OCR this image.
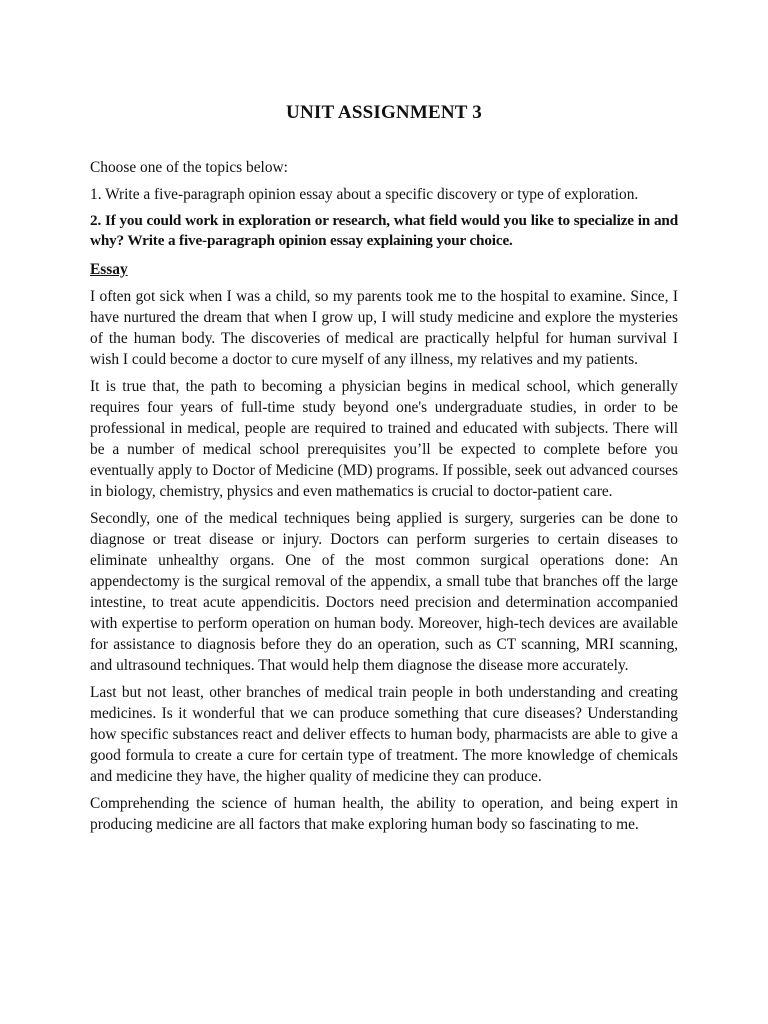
UNIT ASSIGNMENT 3

Choose one of the topics below:

1. Write a five-paragraph opinion essay about a specific discovery or type of exploration.

2. If you could work in exploration or research, what field would you like to specialize in and why? Write a five-paragraph opinion essay explaining your choice.

Essay

I often got sick when I was a child, so my parents took me to the hospital to examine. Since, I have nurtured the dream that when I grow up, I will study medicine and explore the mysteries of the human body. The discoveries of medical are practically helpful for human survival I wish I could become a doctor to cure myself of any illness, my relatives and my patients.

It is true that, the path to becoming a physician begins in medical school, which generally requires four years of full-time study beyond one's undergraduate studies, in order to be professional in medical, people are required to trained and educated with subjects. There will be a number of medical school prerequisites you’ll be expected to complete before you eventually apply to Doctor of Medicine (MD) programs. If possible, seek out advanced courses in biology, chemistry, physics and even mathematics is crucial to doctor-patient care.

Secondly, one of the medical techniques being applied is surgery, surgeries can be done to diagnose or treat disease or injury. Doctors can perform surgeries to certain diseases to eliminate unhealthy organs. One of the most common surgical operations done: An appendectomy is the surgical removal of the appendix, a small tube that branches off the large intestine, to treat acute appendicitis. Doctors need precision and determination accompanied with expertise to perform operation on human body. Moreover, high-tech devices are available for assistance to diagnosis before they do an operation, such as CT scanning, MRI scanning, and ultrasound techniques. That would help them diagnose the disease more accurately.

Last but not least, other branches of medical train people in both understanding and creating medicines. Is it wonderful that we can produce something that cure diseases? Understanding how specific substances react and deliver effects to human body, pharmacists are able to give a good formula to create a cure for certain type of treatment. The more knowledge of chemicals and medicine they have, the higher quality of medicine they can produce.

Comprehending the science of human health, the ability to operation, and being expert in producing medicine are all factors that make exploring human body so fascinating to me.
